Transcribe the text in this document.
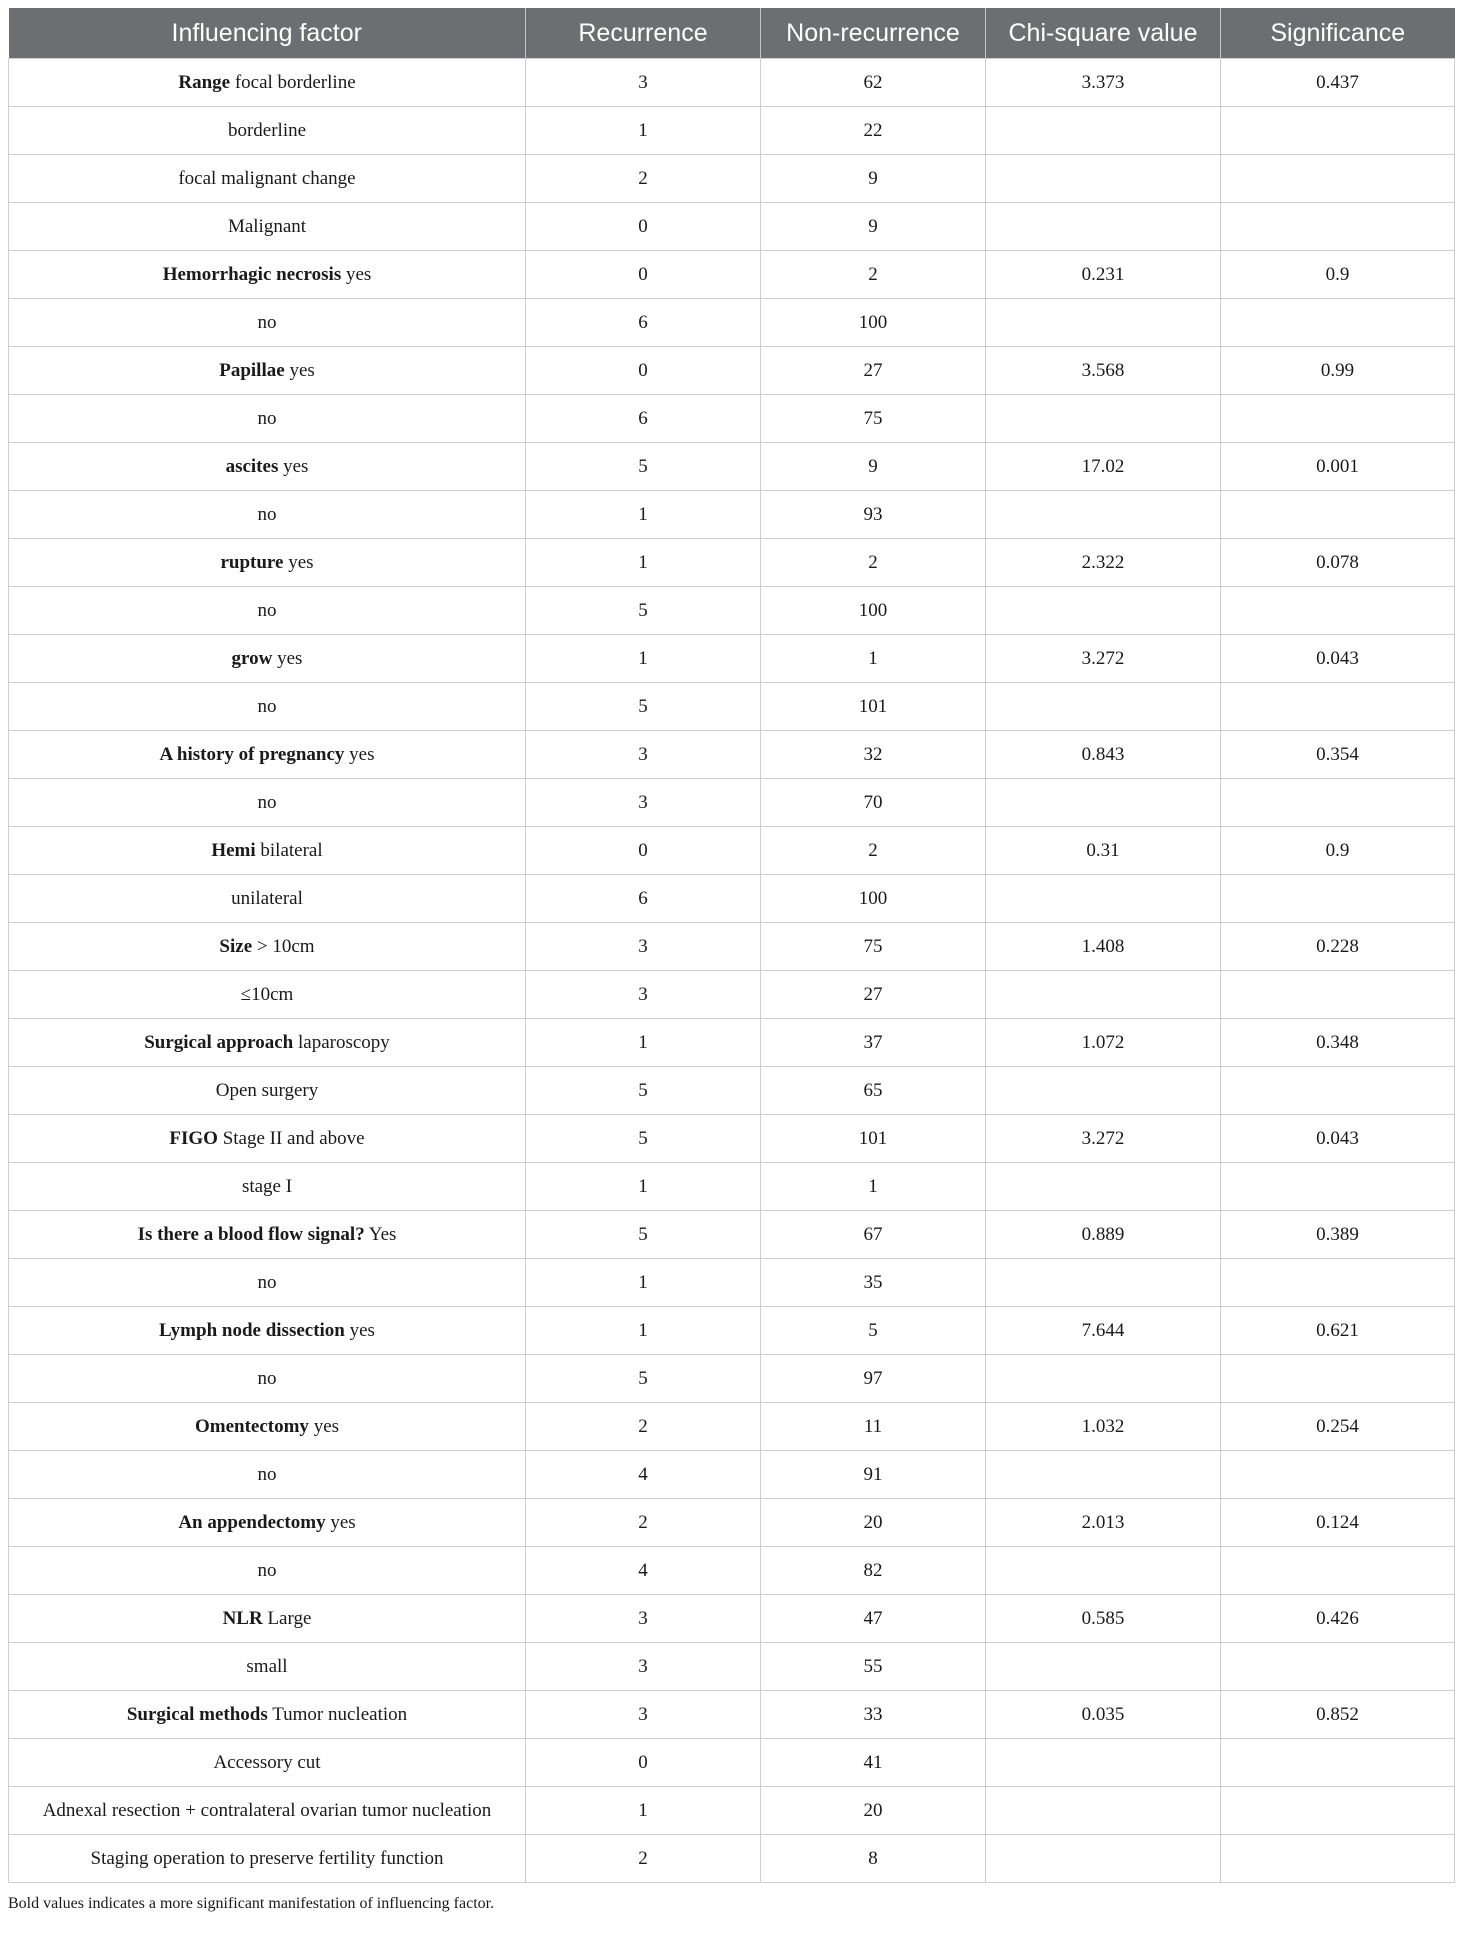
Influencing factor	Recurrence	Non-recurrence	Chi-square value	Significance
Range focal borderline	3	62	3.373	0.437
borderline	1	22		
focal malignant change	2	9		
Malignant	0	9		
Hemorrhagic necrosis yes	0	2	0.231	0.9
no	6	100		
Papillae yes	0	27	3.568	0.99
no	6	75		
ascites yes	5	9	17.02	0.001
no	1	93		
rupture yes	1	2	2.322	0.078
no	5	100		
grow yes	1	1	3.272	0.043
no	5	101		
A history of pregnancy yes	3	32	0.843	0.354
no	3	70		
Hemi bilateral	0	2	0.31	0.9
unilateral	6	100		
Size > 10cm	3	75	1.408	0.228
≤10cm	3	27		
Surgical approach laparoscopy	1	37	1.072	0.348
Open surgery	5	65		
FIGO Stage II and above	5	101	3.272	0.043
stage I	1	1		
Is there a blood flow signal? Yes	5	67	0.889	0.389
no	1	35		
Lymph node dissection yes	1	5	7.644	0.621
no	5	97		
Omentectomy yes	2	11	1.032	0.254
no	4	91		
An appendectomy yes	2	20	2.013	0.124
no	4	82		
NLR Large	3	47	0.585	0.426
small	3	55		
Surgical methods Tumor nucleation	3	33	0.035	0.852
Accessory cut	0	41		
Adnexal resection + contralateral ovarian tumor nucleation	1	20		
Staging operation to preserve fertility function	2	8		
Bold values indicates a more significant manifestation of influencing factor.
